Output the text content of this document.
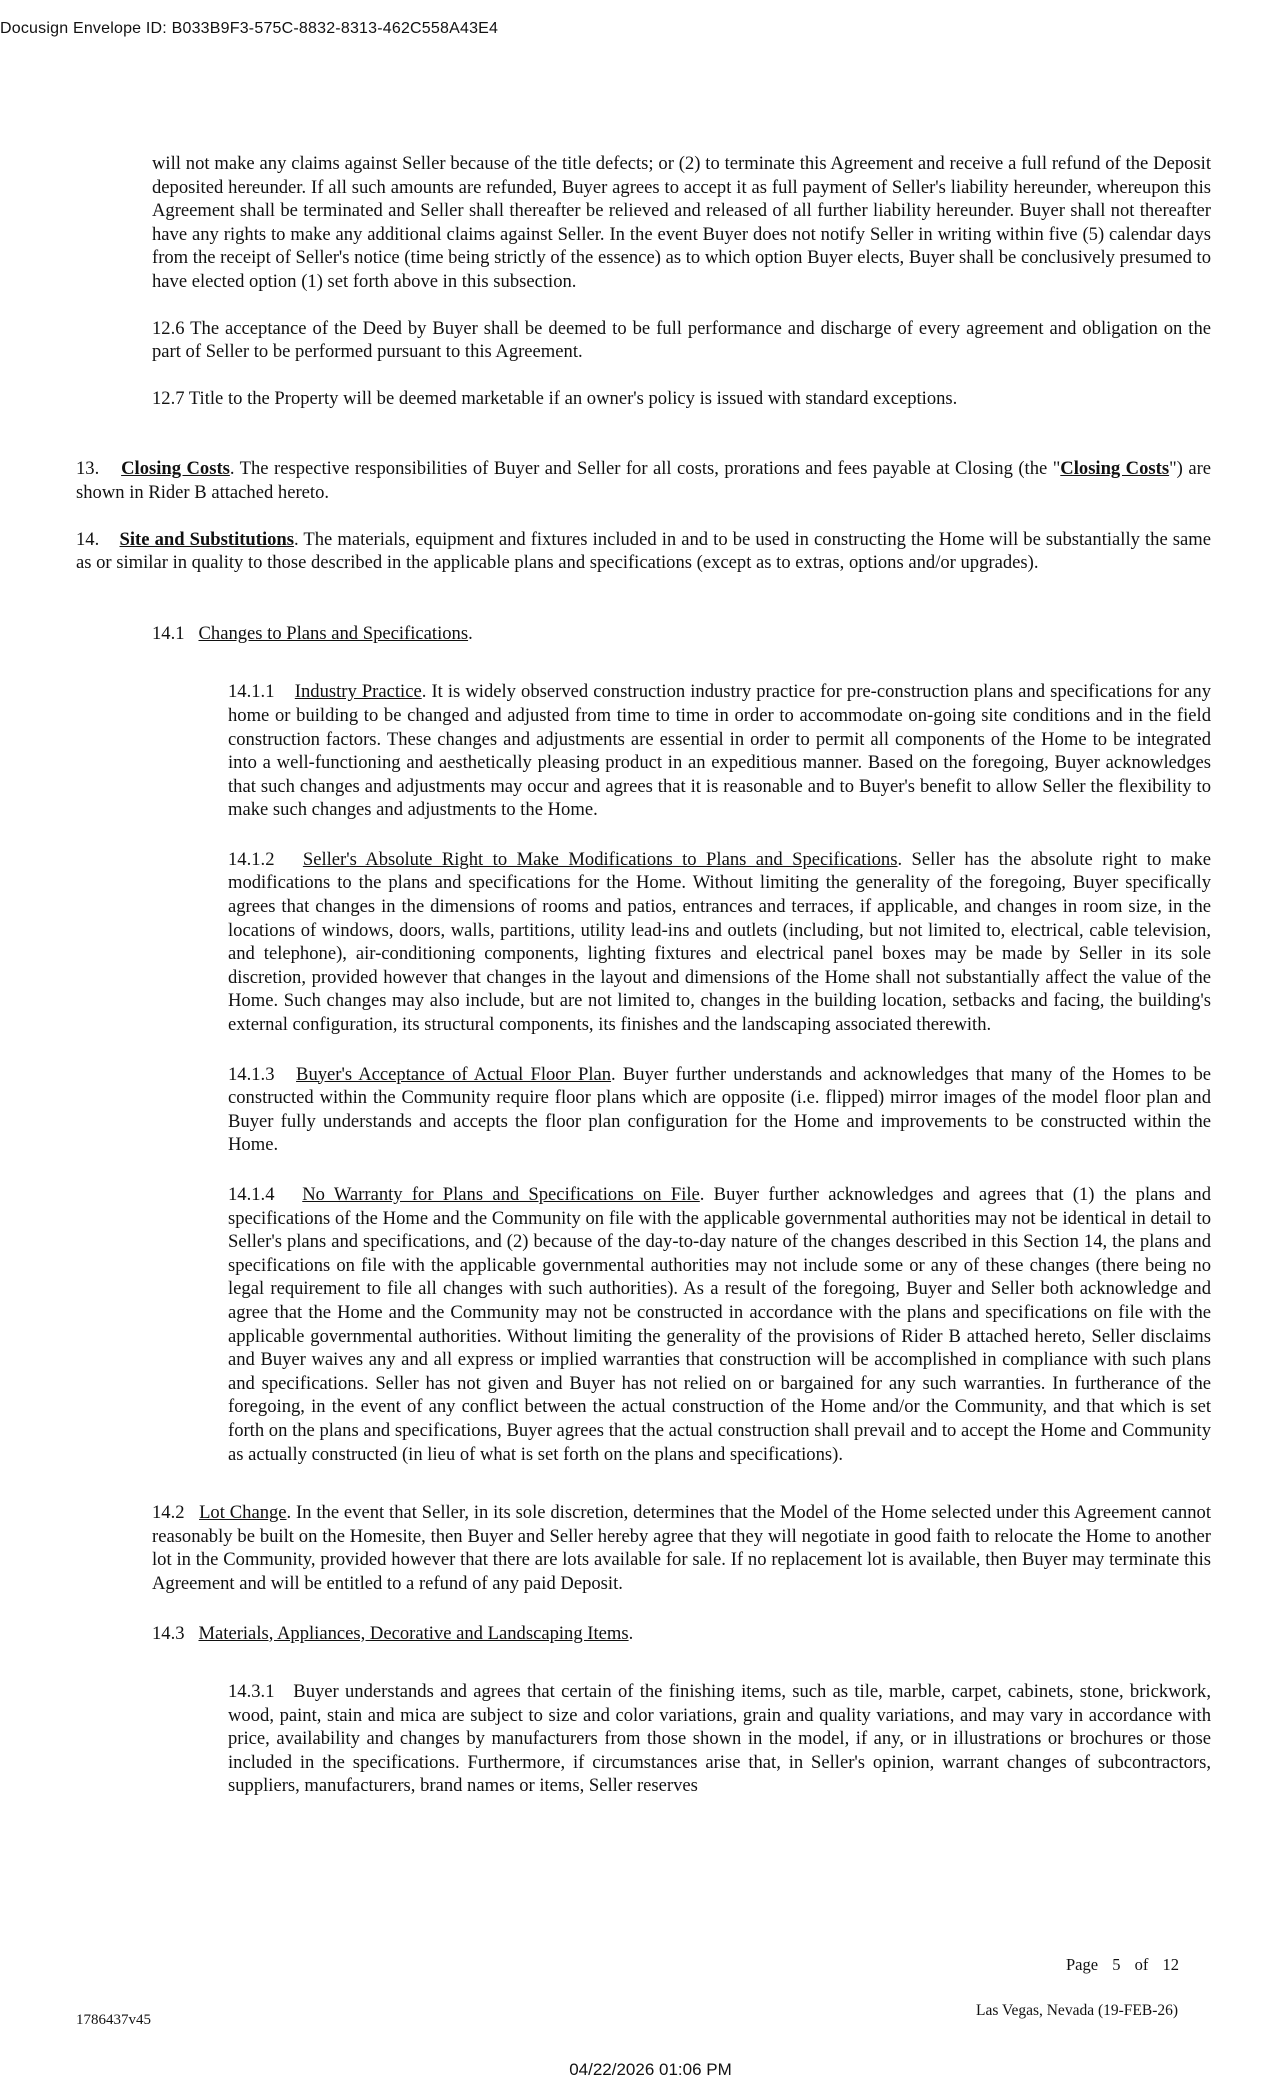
Docusign Envelope ID: B033B9F3-575C-8832-8313-462C558A43E4

will not make any claims against Seller because of the title defects; or (2) to terminate this Agreement and receive a full refund of the Deposit deposited hereunder. If all such amounts are refunded, Buyer agrees to accept it as full payment of Seller's liability hereunder, whereupon this Agreement shall be terminated and Seller shall thereafter be relieved and released of all further liability hereunder. Buyer shall not thereafter have any rights to make any additional claims against Seller. In the event Buyer does not notify Seller in writing within five (5) calendar days from the receipt of Seller's notice (time being strictly of the essence) as to which option Buyer elects, Buyer shall be conclusively presumed to have elected option (1) set forth above in this subsection.

12.6 The acceptance of the Deed by Buyer shall be deemed to be full performance and discharge of every agreement and obligation on the part of Seller to be performed pursuant to this Agreement.

12.7 Title to the Property will be deemed marketable if an owner's policy is issued with standard exceptions.

13. Closing Costs. The respective responsibilities of Buyer and Seller for all costs, prorations and fees payable at Closing (the "Closing Costs") are shown in Rider B attached hereto.

14. Site and Substitutions. The materials, equipment and fixtures included in and to be used in constructing the Home will be substantially the same as or similar in quality to those described in the applicable plans and specifications (except as to extras, options and/or upgrades).

14.1 Changes to Plans and Specifications.

14.1.1 Industry Practice. It is widely observed construction industry practice for pre-construction plans and specifications for any home or building to be changed and adjusted from time to time in order to accommodate on-going site conditions and in the field construction factors. These changes and adjustments are essential in order to permit all components of the Home to be integrated into a well-functioning and aesthetically pleasing product in an expeditious manner. Based on the foregoing, Buyer acknowledges that such changes and adjustments may occur and agrees that it is reasonable and to Buyer's benefit to allow Seller the flexibility to make such changes and adjustments to the Home.

14.1.2 Seller's Absolute Right to Make Modifications to Plans and Specifications. Seller has the absolute right to make modifications to the plans and specifications for the Home. Without limiting the generality of the foregoing, Buyer specifically agrees that changes in the dimensions of rooms and patios, entrances and terraces, if applicable, and changes in room size, in the locations of windows, doors, walls, partitions, utility lead-ins and outlets (including, but not limited to, electrical, cable television, and telephone), air-conditioning components, lighting fixtures and electrical panel boxes may be made by Seller in its sole discretion, provided however that changes in the layout and dimensions of the Home shall not substantially affect the value of the Home. Such changes may also include, but are not limited to, changes in the building location, setbacks and facing, the building's external configuration, its structural components, its finishes and the landscaping associated therewith.

14.1.3 Buyer's Acceptance of Actual Floor Plan. Buyer further understands and acknowledges that many of the Homes to be constructed within the Community require floor plans which are opposite (i.e. flipped) mirror images of the model floor plan and Buyer fully understands and accepts the floor plan configuration for the Home and improvements to be constructed within the Home.

14.1.4 No Warranty for Plans and Specifications on File. Buyer further acknowledges and agrees that (1) the plans and specifications of the Home and the Community on file with the applicable governmental authorities may not be identical in detail to Seller's plans and specifications, and (2) because of the day-to-day nature of the changes described in this Section 14, the plans and specifications on file with the applicable governmental authorities may not include some or any of these changes (there being no legal requirement to file all changes with such authorities). As a result of the foregoing, Buyer and Seller both acknowledge and agree that the Home and the Community may not be constructed in accordance with the plans and specifications on file with the applicable governmental authorities. Without limiting the generality of the provisions of Rider B attached hereto, Seller disclaims and Buyer waives any and all express or implied warranties that construction will be accomplished in compliance with such plans and specifications. Seller has not given and Buyer has not relied on or bargained for any such warranties. In furtherance of the foregoing, in the event of any conflict between the actual construction of the Home and/or the Community, and that which is set forth on the plans and specifications, Buyer agrees that the actual construction shall prevail and to accept the Home and Community as actually constructed (in lieu of what is set forth on the plans and specifications).

14.2 Lot Change. In the event that Seller, in its sole discretion, determines that the Model of the Home selected under this Agreement cannot reasonably be built on the Homesite, then Buyer and Seller hereby agree that they will negotiate in good faith to relocate the Home to another lot in the Community, provided however that there are lots available for sale. If no replacement lot is available, then Buyer may terminate this Agreement and will be entitled to a refund of any paid Deposit.

14.3 Materials, Appliances, Decorative and Landscaping Items.

14.3.1 Buyer understands and agrees that certain of the finishing items, such as tile, marble, carpet, cabinets, stone, brickwork, wood, paint, stain and mica are subject to size and color variations, grain and quality variations, and may vary in accordance with price, availability and changes by manufacturers from those shown in the model, if any, or in illustrations or brochures or those included in the specifications. Furthermore, if circumstances arise that, in Seller's opinion, warrant changes of subcontractors, suppliers, manufacturers, brand names or items, Seller reserves

Page 5 of 12
1786437v45
Las Vegas, Nevada (19-FEB-26)
04/22/2026 01:06 PM
